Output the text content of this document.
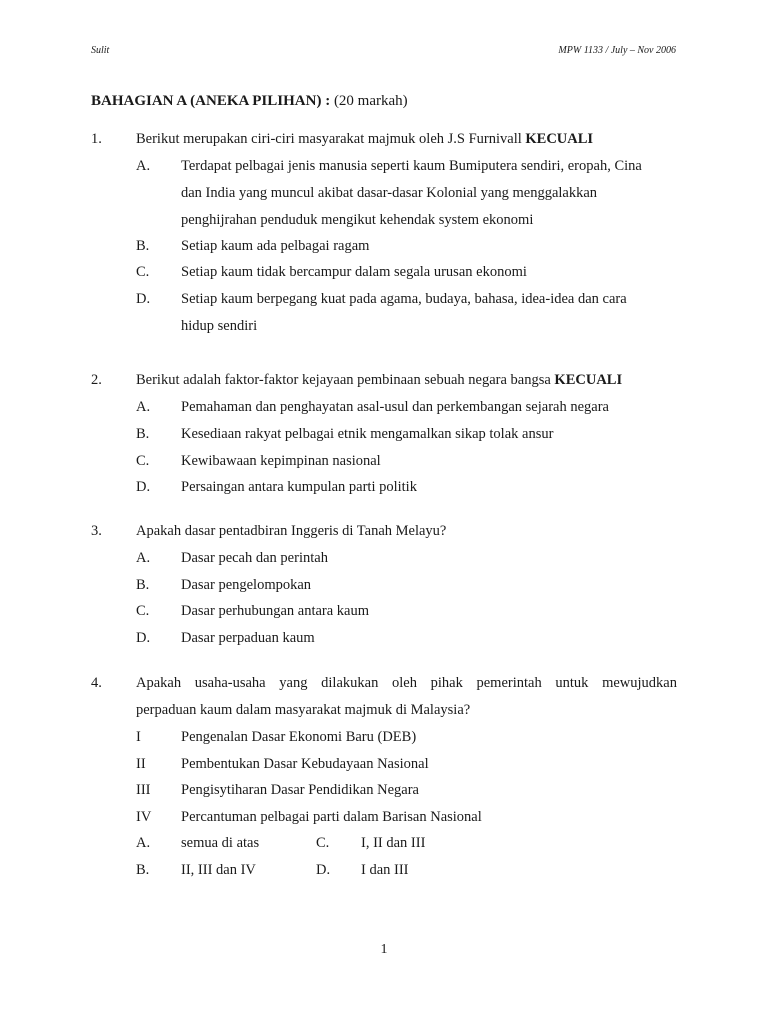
Sulit	MPW 1133 / July – Nov 2006
BAHAGIAN A (ANEKA PILIHAN) : (20 markah)
1. Berikut merupakan ciri-ciri masyarakat majmuk oleh J.S Furnivall KECUALI
A. Terdapat pelbagai jenis manusia seperti kaum Bumiputera sendiri, eropah, Cina
dan India yang muncul akibat dasar-dasar Kolonial yang menggalakkan
penghijrahan penduduk mengikut kehendak system ekonomi
B. Setiap kaum ada pelbagai ragam
C. Setiap kaum tidak bercampur dalam segala urusan ekonomi
D. Setiap kaum berpegang kuat pada agama, budaya, bahasa, idea-idea dan cara
hidup sendiri
2. Berikut adalah faktor-faktor kejayaan pembinaan sebuah negara bangsa KECUALI
A. Pemahaman dan penghayatan asal-usul dan perkembangan sejarah negara
B. Kesediaan rakyat pelbagai etnik mengamalkan sikap tolak ansur
C. Kewibawaan kepimpinan nasional
D. Persaingan antara kumpulan parti politik
3. Apakah dasar pentadbiran Inggeris di Tanah Melayu?
A. Dasar pecah dan perintah
B. Dasar pengelompokan
C. Dasar perhubungan antara kaum
D. Dasar perpaduan kaum
4. Apakah usaha-usaha yang dilakukan oleh pihak pemerintah untuk mewujudkan
perpaduan kaum dalam masyarakat majmuk di Malaysia?
I	Pengenalan Dasar Ekonomi Baru (DEB)
II Pembentukan Dasar Kebudayaan Nasional
III Pengisytiharan Dasar Pendidikan Negara
IV Percantuman pelbagai parti dalam Barisan Nasional
A. semua di atas	C. I, II dan III
B. II, III dan IV	D. I dan III
1
